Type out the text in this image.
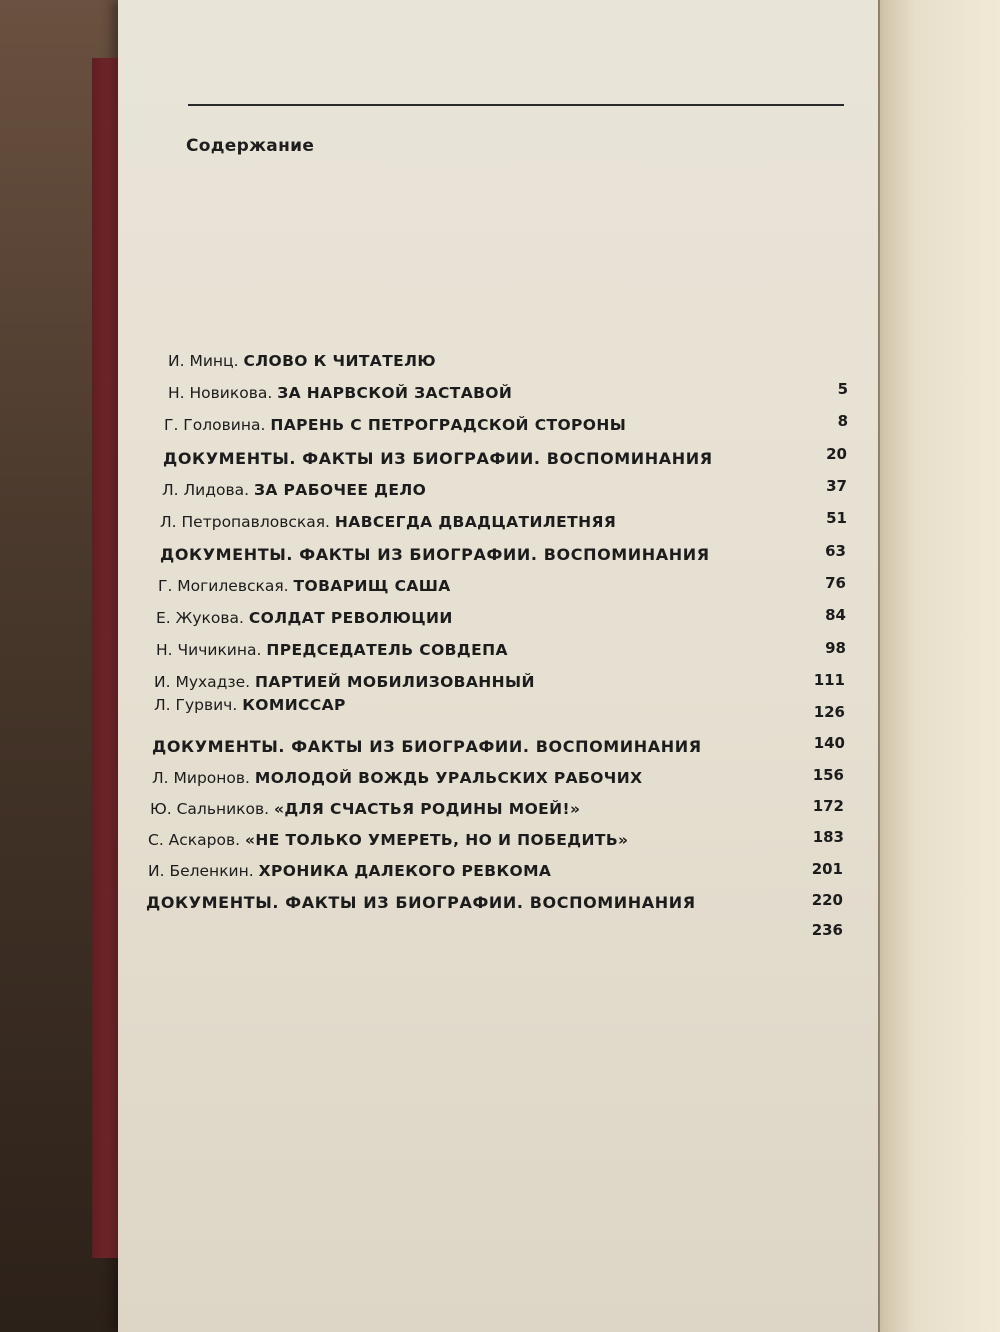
Содержание
И. Минц. СЛОВО К ЧИТАТЕЛЮ
Н. Новикова. ЗА НАРВСКОЙ ЗАСТАВОЙ
Г. Головина. ПАРЕНЬ С ПЕТРОГРАДСКОЙ СТОРОНЫ
ДОКУМЕНТЫ. ФАКТЫ ИЗ БИОГРАФИИ. ВОСПОМИНАНИЯ
Л. Лидова. ЗА РАБОЧЕЕ ДЕЛО
Л. Петропавловская. НАВСЕГДА ДВАДЦАТИЛЕТНЯЯ
ДОКУМЕНТЫ. ФАКТЫ ИЗ БИОГРАФИИ. ВОСПОМИНАНИЯ
Г. Могилевская. ТОВАРИЩ САША
Е. Жукова. СОЛДАТ РЕВОЛЮЦИИ
Н. Чичикина. ПРЕДСЕДАТЕЛЬ СОВДЕПА
И. Мухадзе. ПАРТИЕЙ МОБИЛИЗОВАННЫЙ
Л. Гурвич. КОМИССАР
ДОКУМЕНТЫ. ФАКТЫ ИЗ БИОГРАФИИ. ВОСПОМИНАНИЯ
Л. Миронов. МОЛОДОЙ ВОЖДЬ УРАЛЬСКИХ РАБОЧИХ
Ю. Сальников. «ДЛЯ СЧАСТЬЯ РОДИНЫ МОЕЙ!»
С. Аскаров. «НЕ ТОЛЬКО УМЕРЕТЬ, НО И ПОБЕДИТЬ»
И. Беленкин. ХРОНИКА ДАЛЕКОГО РЕВКОМА
ДОКУМЕНТЫ. ФАКТЫ ИЗ БИОГРАФИИ. ВОСПОМИНАНИЯ
5
8
20
37
51
63
76
84
98
111
126
140
156
172
183
201
220
236
